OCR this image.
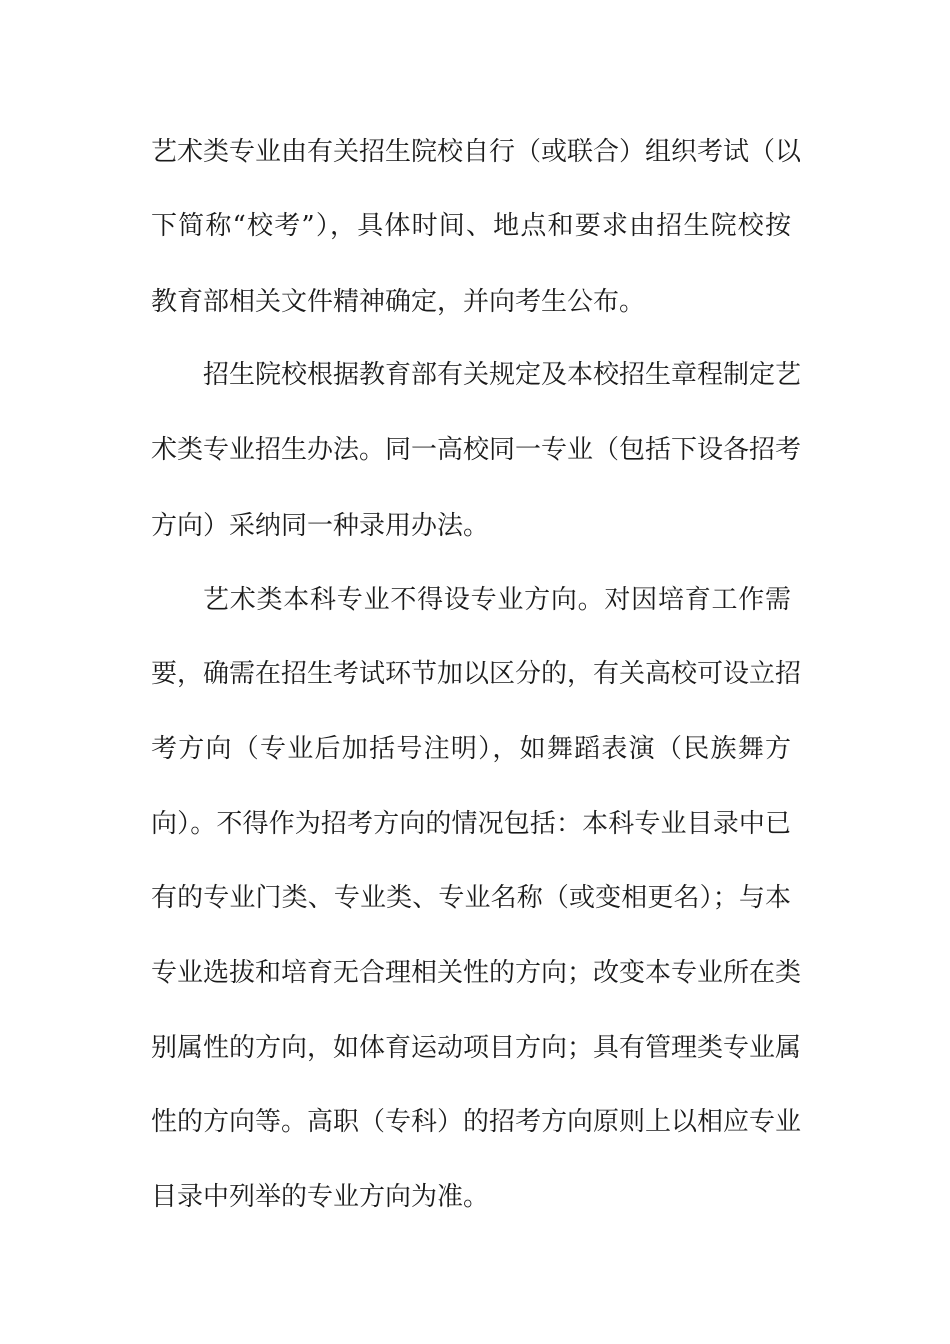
艺术类专业由有关招生院校自行（或联合）组织考试（以

下简称“校考”），具体时间、地点和要求由招生院校按

教育部相关文件精神确定，并向考生公布。

招生院校根据教育部有关规定及本校招生章程制定艺

术类专业招生办法。同一高校同一专业（包括下设各招考

方向）采纳同一种录用办法。

艺术类本科专业不得设专业方向。对因培育工作需

要，确需在招生考试环节加以区分的，有关高校可设立招

考方向（专业后加括号注明），如舞蹈表演（民族舞方

向）。不得作为招考方向的情况包括：本科专业目录中已

有的专业门类、专业类、专业名称（或变相更名）；与本

专业选拔和培育无合理相关性的方向；改变本专业所在类

别属性的方向，如体育运动项目方向；具有管理类专业属

性的方向等。高职（专科）的招考方向原则上以相应专业

目录中列举的专业方向为准。
